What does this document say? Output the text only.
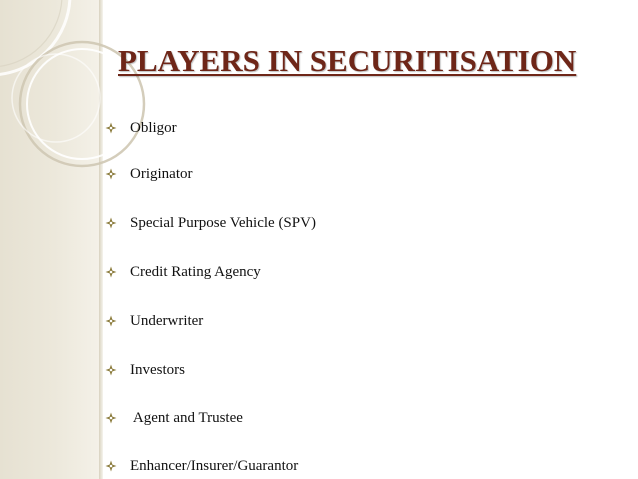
PLAYERS IN SECURITISATION
Obligor
Originator
Special Purpose Vehicle (SPV)
Credit Rating Agency
Underwriter
Investors
Agent and Trustee
Enhancer/Insurer/Guarantor
